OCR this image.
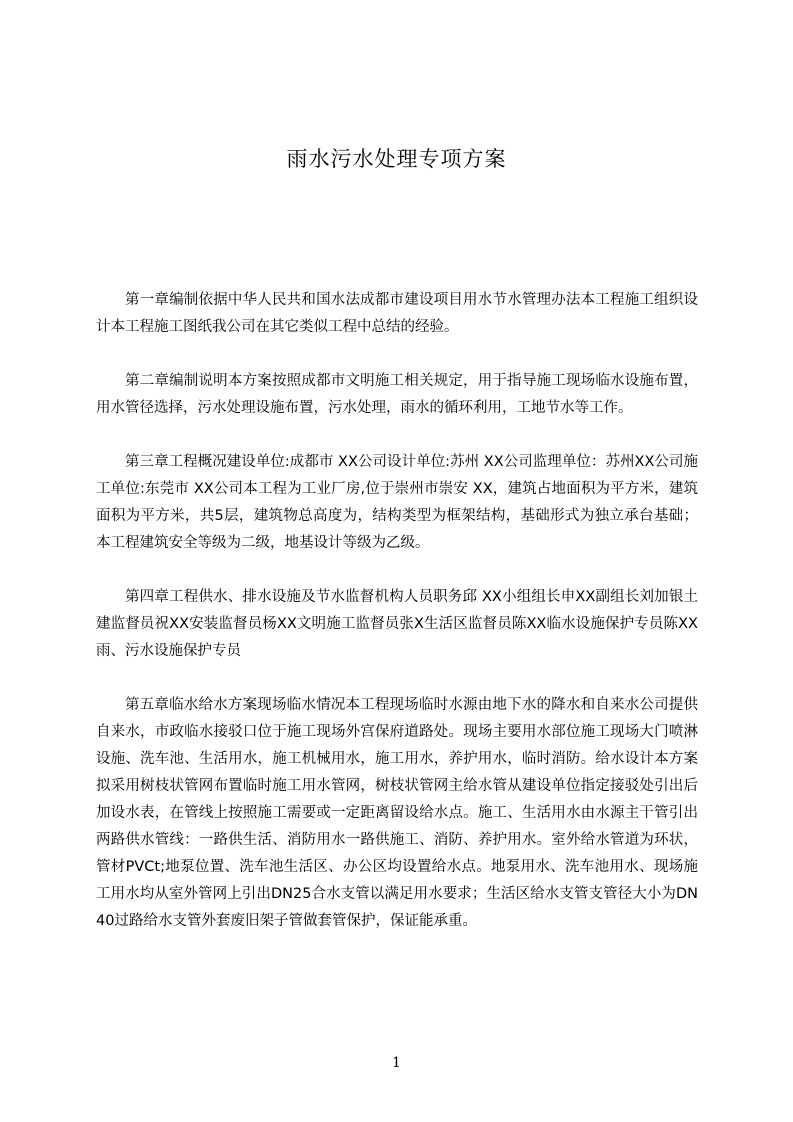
雨水污水处理专项方案

第一章编制依据中华人民共和国水法成都市建设项目用水节水管理办法本工程施工组织设计本工程施工图纸我公司在其它类似工程中总结的经验。

第二章编制说明本方案按照成都市文明施工相关规定，用于指导施工现场临水设施布置，用水管径选择，污水处理设施布置，污水处理，雨水的循环利用，工地节水等工作。

第三章工程概况建设单位:成都市 XX公司设计单位:苏州 XX公司监理单位：苏州XX公司施工单位:东莞市 XX公司本工程为工业厂房,位于崇州市崇安 XX，建筑占地面积为平方米，建筑面积为平方米，共5层，建筑物总高度为，结构类型为框架结构，基础形式为独立承台基础；本工程建筑安全等级为二级，地基设计等级为乙级。

第四章工程供水、排水设施及节水监督机构人员职务邱 XX小组组长申XX副组长刘加银土建监督员祝XX安装监督员杨XX文明施工监督员张X生活区监督员陈XX临水设施保护专员陈XX雨、污水设施保护专员

第五章临水给水方案现场临水情况本工程现场临时水源由地下水的降水和自来水公司提供自来水，市政临水接驳口位于施工现场外宫保府道路处。现场主要用水部位施工现场大门喷淋设施、洗车池、生活用水，施工机械用水，施工用水，养护用水，临时消防。给水设计本方案拟采用树枝状管网布置临时施工用水管网，树枝状管网主给水管从建设单位指定接驳处引出后加设水表，在管线上按照施工需要或一定距离留设给水点。施工、生活用水由水源主干管引出两路供水管线：一路供生活、消防用水一路供施工、消防、养护用水。室外给水管道为环状，管材PVCt;地泵位置、洗车池生活区、办公区均设置给水点。地泵用水、洗车池用水、现场施工用水均从室外管网上引出DN25合水支管以满足用水要求；生活区给水支管支管径大小为DN40过路给水支管外套废旧架子管做套管保护，保证能承重。

1
